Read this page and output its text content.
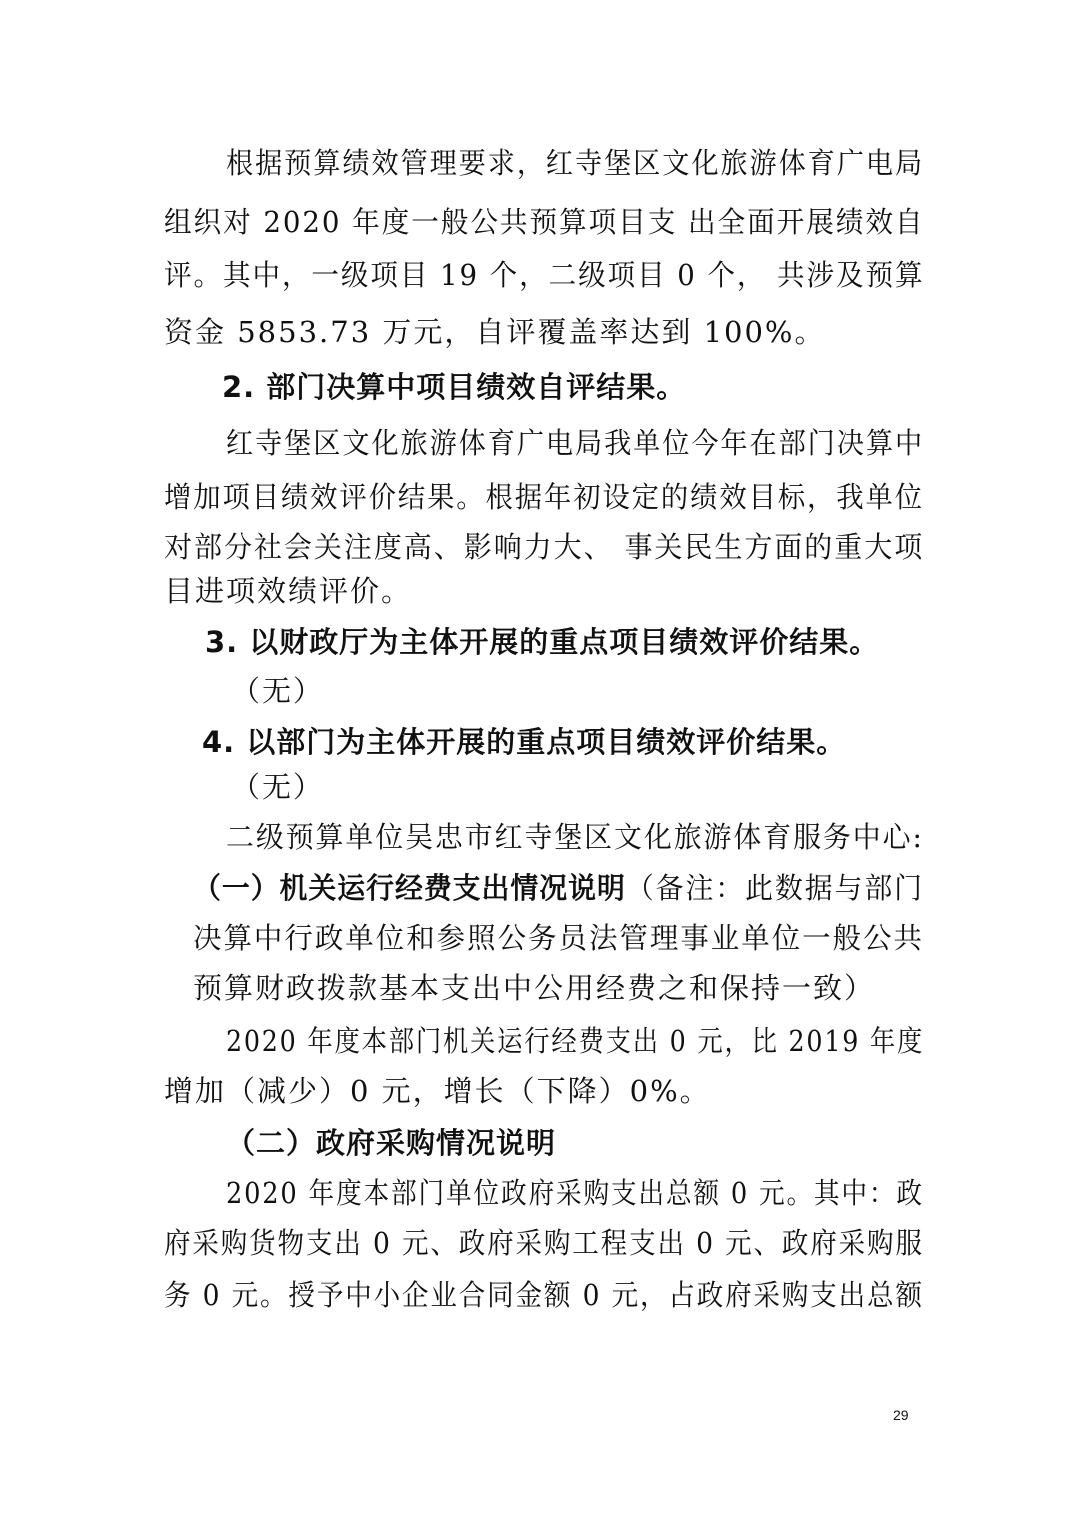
根据预算绩效管理要求，红寺堡区文化旅游体育广电局
组织对 2020 年度一般公共预算项目支 出全面开展绩效自
评。其中，一级项目 19 个，二级项目 0 个， 共涉及预算
资金 5853.73 万元，自评覆盖率达到 100%。
2. 部门决算中项目绩效自评结果。
红寺堡区文化旅游体育广电局我单位今年在部门决算中
增加项目绩效评价结果。根据年初设定的绩效目标，我单位
对部分社会关注度高、影响力大、 事关民生方面的重大项
目进项效绩评价。
3. 以财政厅为主体开展的重点项目绩效评价结果。
（无）
4. 以部门为主体开展的重点项目绩效评价结果。
（无）
二级预算单位吴忠市红寺堡区文化旅游体育服务中心:
（一）机关运行经费支出情况说明（备注：此数据与部门
决算中行政单位和参照公务员法管理事业单位一般公共
预算财政拨款基本支出中公用经费之和保持一致）
2020 年度本部门机关运行经费支出 0 元，比 2019 年度
增加（减少）0 元，增长（下降）0%。
（二）政府采购情况说明
2020 年度本部门单位政府采购支出总额 0 元。其中：政
府采购货物支出 0 元、政府采购工程支出 0 元、政府采购服
务 0 元。授予中小企业合同金额 0 元，占政府采购支出总额
29
